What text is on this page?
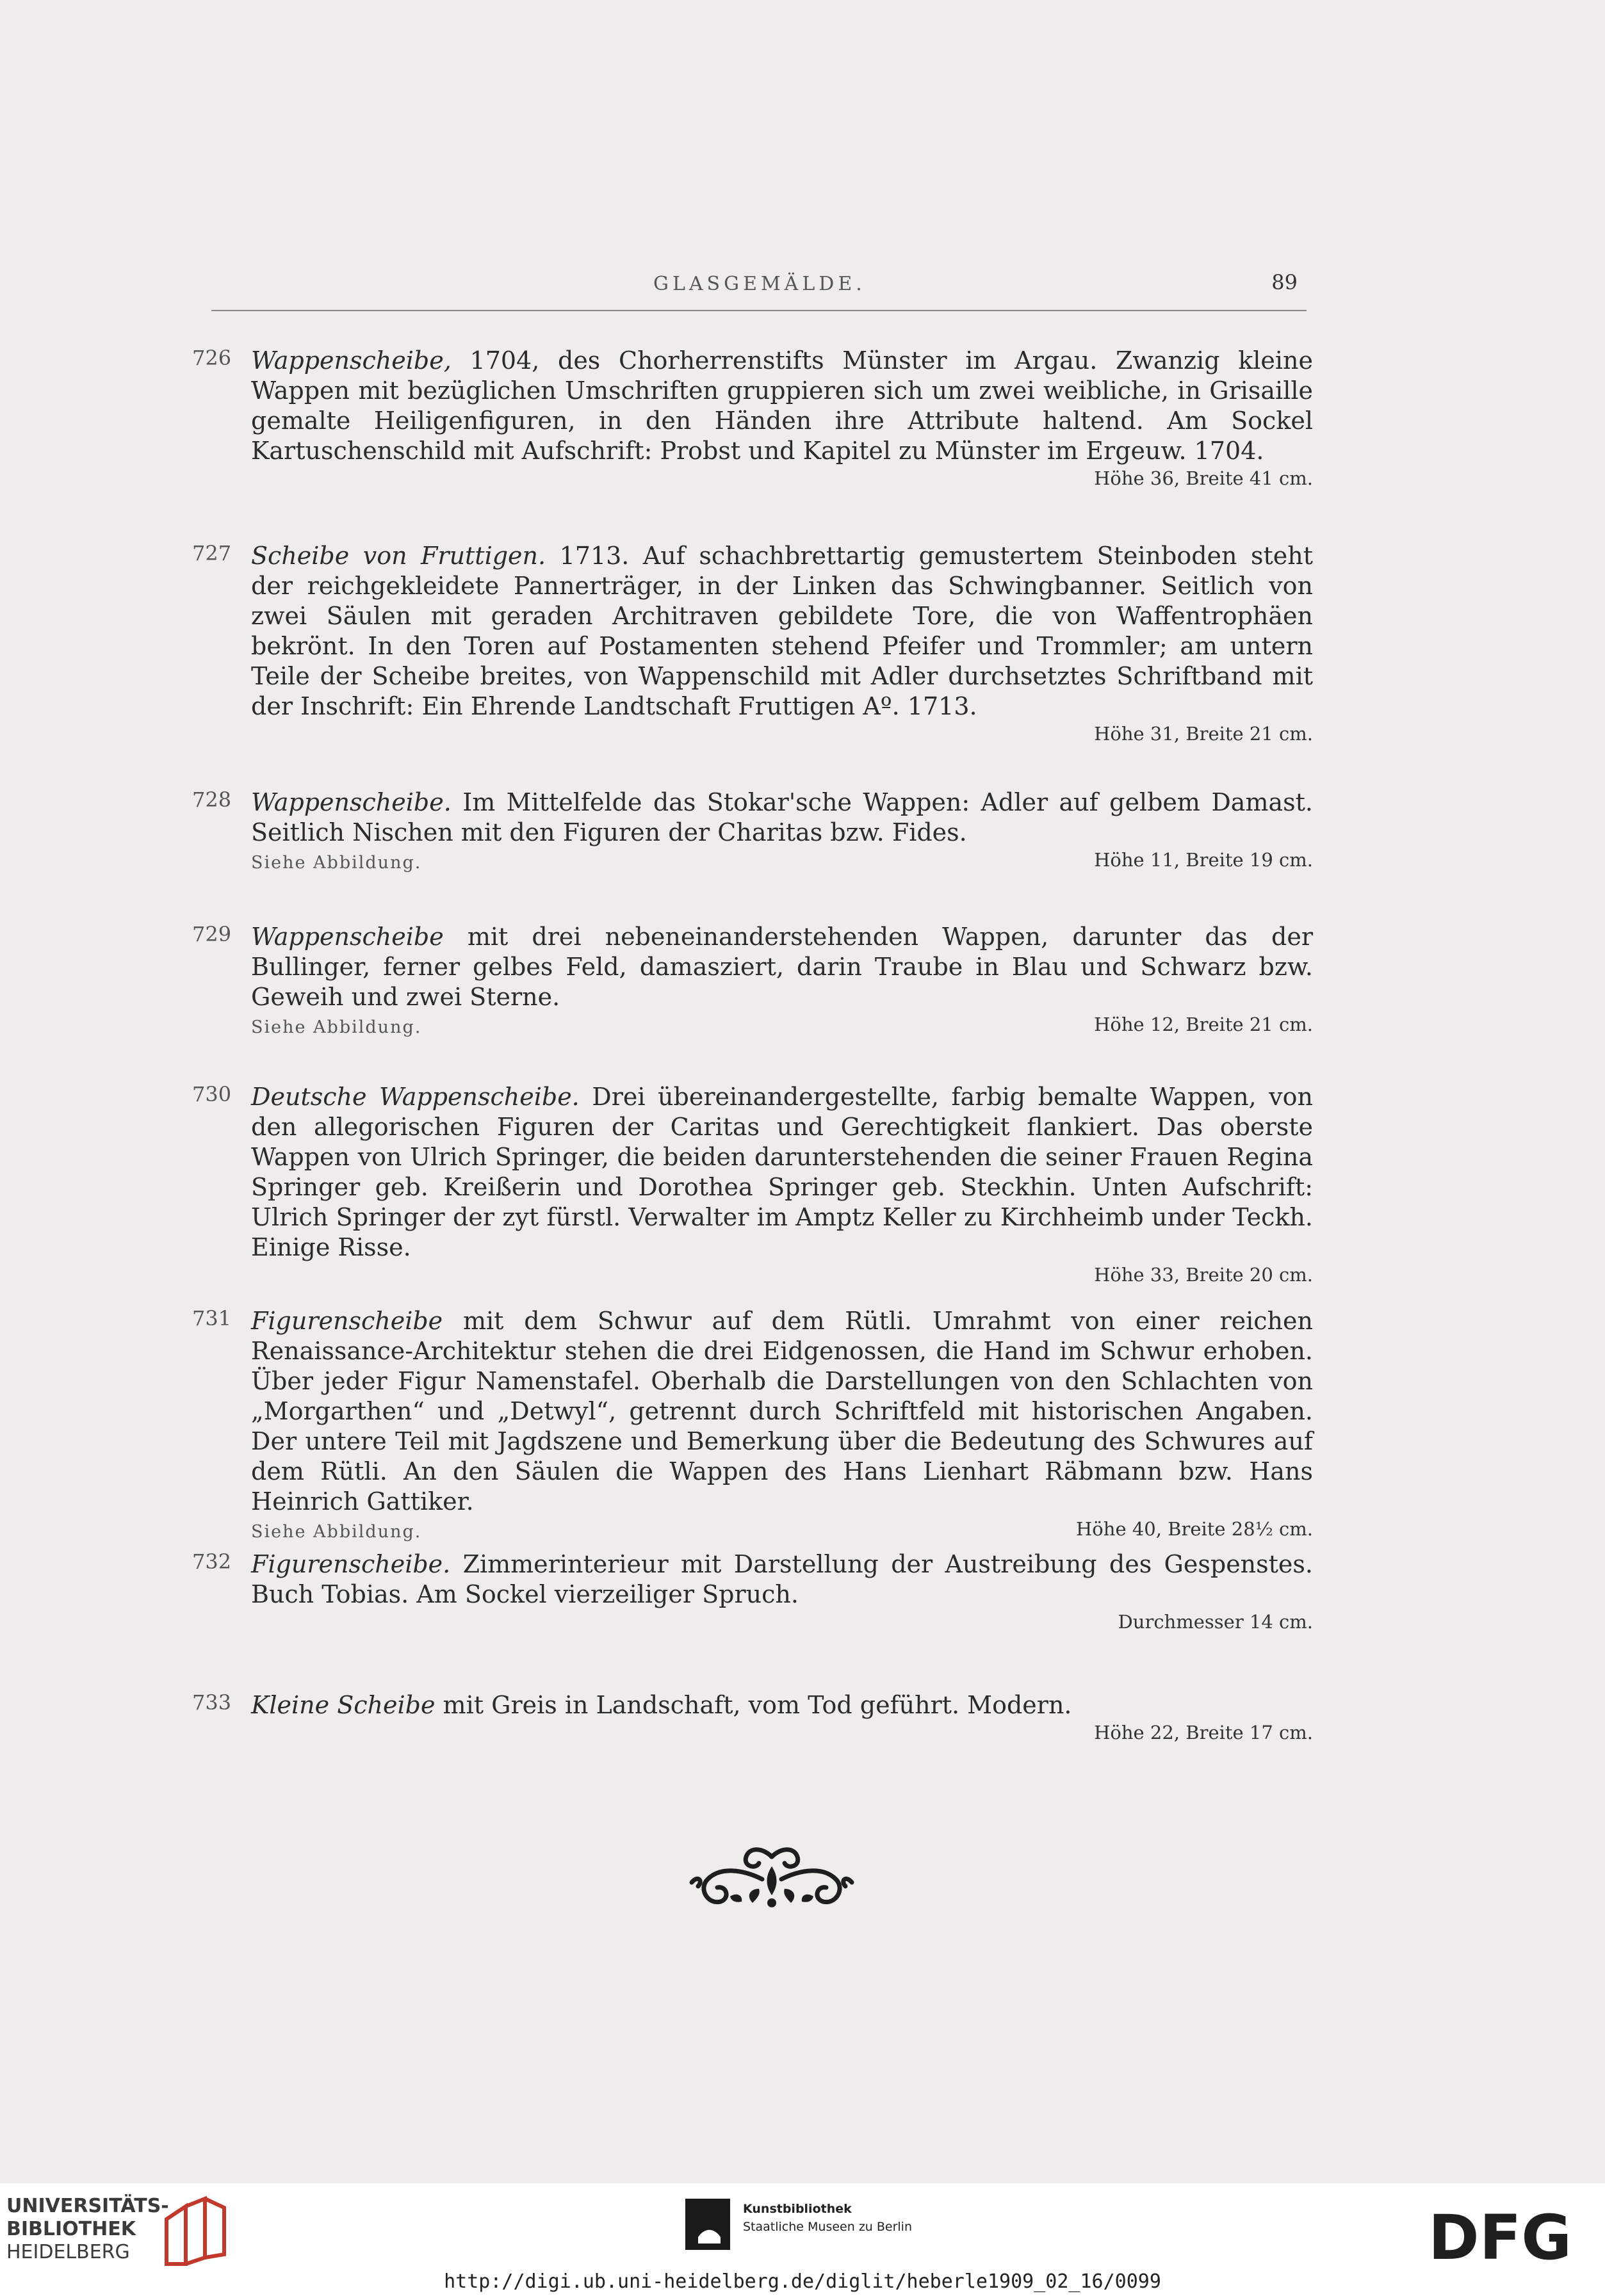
GLASGEMÄLDE.	89
726 Wappenscheibe, 1704, des Chorherrenstifts Münster im Argau. Zwanzig kleine Wappen mit bezüglichen Umschriften gruppieren sich um zwei weibliche, in Grisaille gemalte Heiligenfiguren, in den Händen ihre Attribute haltend. Am Sockel Kartuschenschild mit Aufschrift: Probst und Kapitel zu Münster im Ergeuw. 1704.
Höhe 36, Breite 41 cm.
727 Scheibe von Fruttigen. 1713. Auf schachbrettartig gemustertem Steinboden steht der reichgekleidete Pannerträger, in der Linken das Schwingbanner. Seitlich von zwei Säulen mit geraden Architraven gebildete Tore, die von Waffentrophäen bekrönt. In den Toren auf Postamenten stehend Pfeifer und Trommler; am untern Teile der Scheibe breites, von Wappenschild mit Adler durchsetztes Schriftband mit der Inschrift: Ein Ehrende Landtschaft Fruttigen Aº. 1713.
Höhe 31, Breite 21 cm.
728 Wappenscheibe. Im Mittelfelde das Stokar'sche Wappen: Adler auf gelbem Damast. Seitlich Nischen mit den Figuren der Charitas bzw. Fides.
Siehe Abbildung.	Höhe 11, Breite 19 cm.
729 Wappenscheibe mit drei nebeneinanderstehenden Wappen, darunter das der Bullinger, ferner gelbes Feld, damasziert, darin Traube in Blau und Schwarz bzw. Geweih und zwei Sterne.
Siehe Abbildung.	Höhe 12, Breite 21 cm.
730 Deutsche Wappenscheibe. Drei übereinandergestellte, farbig bemalte Wappen, von den allegorischen Figuren der Caritas und Gerechtigkeit flankiert. Das oberste Wappen von Ulrich Springer, die beiden darunterstehenden die seiner Frauen Regina Springer geb. Kreißerin und Dorothea Springer geb. Steckhin. Unten Aufschrift: Ulrich Springer der zyt fürstl. Verwalter im Amptz Keller zu Kirchheimb under Teckh. Einige Risse.
Höhe 33, Breite 20 cm.
731 Figurenscheibe mit dem Schwur auf dem Rütli. Umrahmt von einer reichen Renaissance-Architektur stehen die drei Eidgenossen, die Hand im Schwur erhoben. Über jeder Figur Namenstafel. Oberhalb die Darstellungen von den Schlachten von „Morgarthen“ und „Detwyl“, getrennt durch Schriftfeld mit historischen Angaben. Der untere Teil mit Jagdszene und Bemerkung über die Bedeutung des Schwures auf dem Rütli. An den Säulen die Wappen des Hans Lienhart Räbmann bzw. Hans Heinrich Gattiker.
Siehe Abbildung.	Höhe 40, Breite 28½ cm.
732 Figurenscheibe. Zimmerinterieur mit Darstellung der Austreibung des Gespenstes. Buch Tobias. Am Sockel vierzeiliger Spruch.
Durchmesser 14 cm.
733 Kleine Scheibe mit Greis in Landschaft, vom Tod geführt. Modern.
Höhe 22, Breite 17 cm.
UNIVERSITÄTS-
BIBLIOTHEK
HEIDELBERG
Kunstbibliothek
Staatliche Museen zu Berlin	DFG
http://digi.ub.uni-heidelberg.de/diglit/heberle1909_02_16/0099
